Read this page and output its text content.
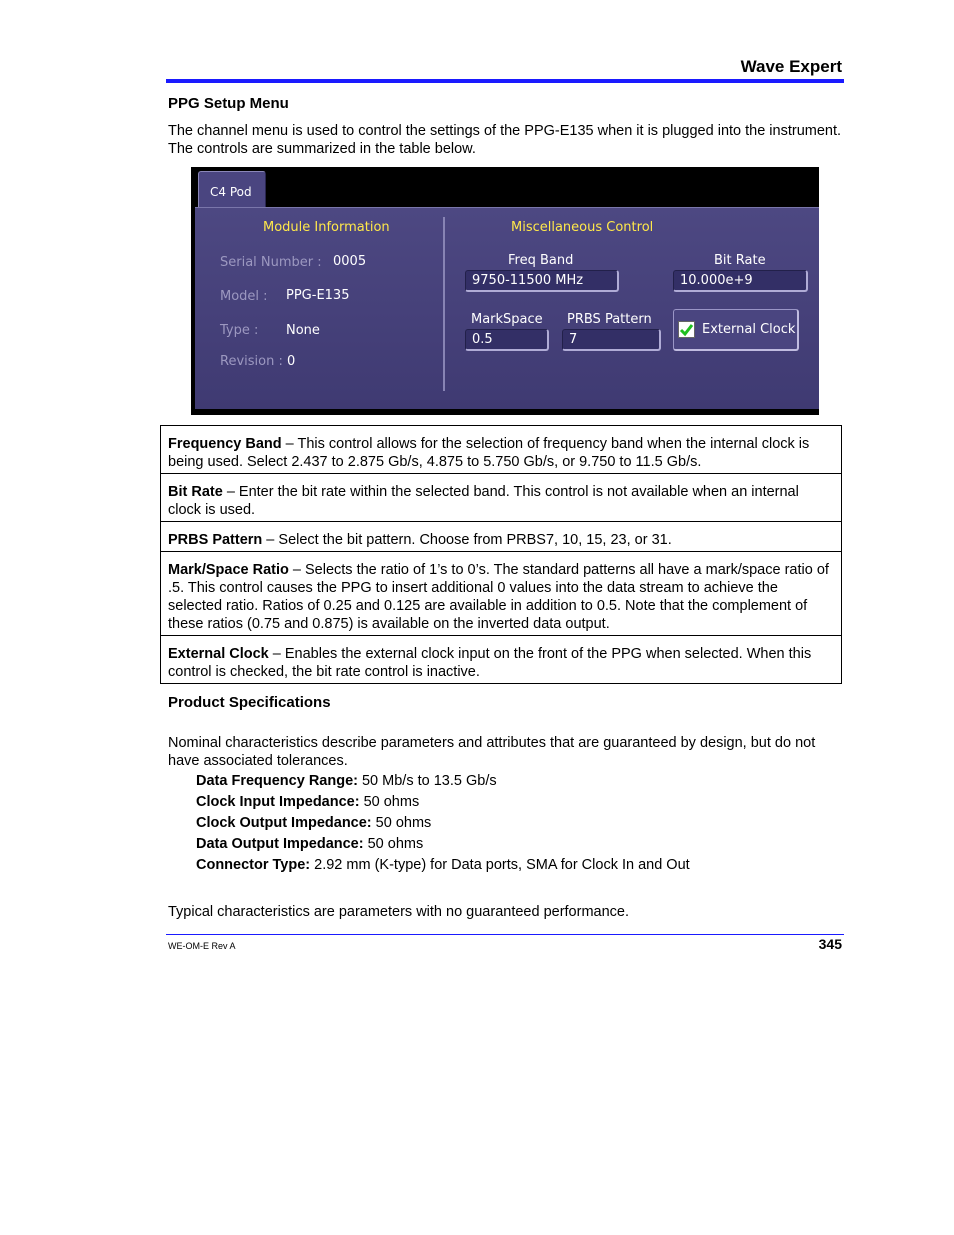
Wave Expert
PPG Setup Menu
The channel menu is used to control the settings of the PPG-E135 when it is plugged into the instrument. The controls are summarized in the table below.
C4 Pod
Module Information
Serial Number : 0005
Model : PPG-E135
Type : None
Revision : 0
Miscellaneous Control
Freq Band
9750-11500 MHz
Bit Rate
10.000e+9
MarkSpace
0.5
PRBS Pattern
7
External Clock
Frequency Band – This control allows for the selection of frequency band when the internal clock is being used. Select 2.437 to 2.875 Gb/s, 4.875 to 5.750 Gb/s, or 9.750 to 11.5 Gb/s.
Bit Rate – Enter the bit rate within the selected band. This control is not available when an internal clock is used.
PRBS Pattern – Select the bit pattern. Choose from PRBS7, 10, 15, 23, or 31.
Mark/Space Ratio – Selects the ratio of 1’s to 0’s. The standard patterns all have a mark/space ratio of .5. This control causes the PPG to insert additional 0 values into the data stream to achieve the selected ratio. Ratios of 0.25 and 0.125 are available in addition to 0.5. Note that the complement of these ratios (0.75 and 0.875) is available on the inverted data output.
External Clock – Enables the external clock input on the front of the PPG when selected. When this control is checked, the bit rate control is inactive.
Product Specifications
Nominal characteristics describe parameters and attributes that are guaranteed by design, but do not have associated tolerances.
Data Frequency Range: 50 Mb/s to 13.5 Gb/s
Clock Input Impedance: 50 ohms
Clock Output Impedance: 50 ohms
Data Output Impedance: 50 ohms
Connector Type: 2.92 mm (K-type) for Data ports, SMA for Clock In and Out
Typical characteristics are parameters with no guaranteed performance.
WE-OM-E Rev A	345
